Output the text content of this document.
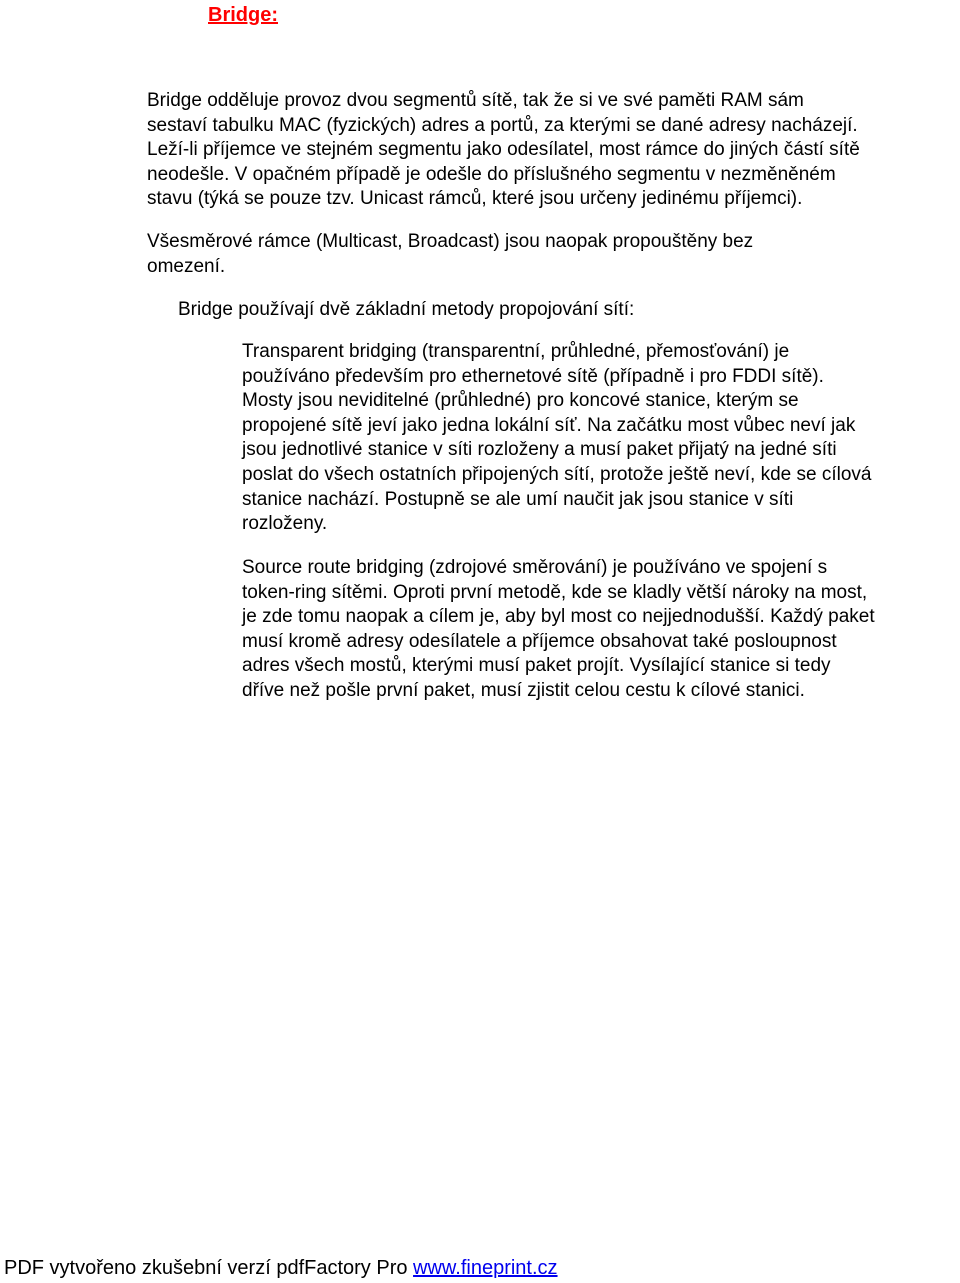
Bridge:

Bridge odděluje provoz dvou segmentů sítě, tak že si ve své paměti RAM sám
sestaví tabulku MAC (fyzických) adres a portů, za kterými se dané adresy nacházejí.
Leží-li příjemce ve stejném segmentu jako odesílatel, most rámce do jiných částí sítě
neodešle. V opačném případě je odešle do příslušného segmentu v nezměněném
stavu (týká se pouze tzv. Unicast rámců, které jsou určeny jedinému příjemci).

Všesměrové rámce (Multicast, Broadcast) jsou naopak propouštěny bez
omezení.

Bridge používají dvě základní metody propojování sítí:

Transparent bridging (transparentní, průhledné, přemosťování) je
používáno především pro ethernetové sítě (případně i pro FDDI sítě).
Mosty jsou neviditelné (průhledné) pro koncové stanice, kterým se
propojené sítě jeví jako jedna lokální síť. Na začátku most vůbec neví jak
jsou jednotlivé stanice v síti rozloženy a musí paket přijatý na jedné síti
poslat do všech ostatních připojených sítí, protože ještě neví, kde se cílová
stanice nachází. Postupně se ale umí naučit jak jsou stanice v síti
rozloženy.

Source route bridging (zdrojové směrování) je používáno ve spojení s
token-ring sítěmi. Oproti první metodě, kde se kladly větší nároky na most,
je zde tomu naopak a cílem je, aby byl most co nejjednodušší. Každý paket
musí kromě adresy odesílatele a příjemce obsahovat také posloupnost
adres všech mostů, kterými musí paket projít. Vysílající stanice si tedy
dříve než pošle první paket, musí zjistit celou cestu k cílové stanici.

PDF vytvořeno zkušební verzí pdfFactory Pro www.fineprint.cz
